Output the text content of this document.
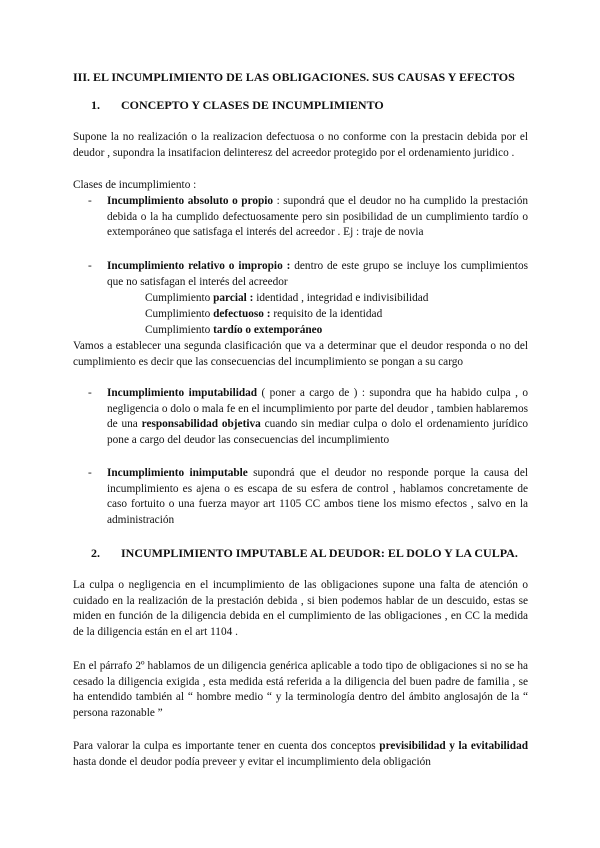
III. EL INCUMPLIMIENTO DE LAS OBLIGACIONES. SUS CAUSAS Y EFECTOS
1. CONCEPTO Y CLASES DE INCUMPLIMIENTO

Supone la no realización o la realizacion defectuosa o no conforme con la prestacin debida por el deudor , supondra la insatifacion delinteresz del acreedor protegido por el ordenamiento juridico .

Clases de incumplimiento :

- Incumplimiento absoluto o propio : supondrá que el deudor no ha cumplido la prestación debida o la ha cumplido defectuosamente pero sin posibilidad de un cumplimiento tardío o extemporáneo que satisfaga el interés del acreedor . Ej : traje de novia

- Incumplimiento relativo o impropio : dentro de este grupo se incluye los cumplimientos que no satisfagan el interés del acreedor

Cumplimiento parcial : identidad , integridad e indivisibilidad

Cumplimiento defectuoso : requisito de la identidad

Cumplimiento tardío o extemporáneo

Vamos a establecer una segunda clasificación que va a determinar que el deudor responda o no del cumplimiento es decir que las consecuencias del incumplimiento se pongan a su cargo

- Incumplimiento imputabilidad ( poner a cargo de ) : supondra que ha habido culpa , o negligencia o dolo o mala fe en el incumplimiento por parte del deudor , tambien hablaremos de una responsabilidad objetiva cuando sin mediar culpa o dolo el ordenamiento jurídico pone a cargo del deudor las consecuencias del incumplimiento

- Incumplimiento inimputable supondrá que el deudor no responde porque la causa del incumplimiento es ajena o es escapa de su esfera de control , hablamos concretamente de caso fortuito o una fuerza mayor art 1105 CC ambos tiene los mismo efectos , salvo en la administración

2. INCUMPLIMIENTO IMPUTABLE AL DEUDOR: EL DOLO Y LA CULPA.

La culpa o negligencia en el incumplimiento de las obligaciones supone una falta de atención o cuidado en la realización de la prestación debida , si bien podemos hablar de un descuido, estas se miden en función de la diligencia debida en el cumplimiento de las obligaciones , en CC la medida de la diligencia están en el art 1104 .

En el párrafo 2º hablamos de un diligencia genérica aplicable a todo tipo de obligaciones si no se ha cesado la diligencia exigida , esta medida está referida a la diligencia del buen padre de familia , se ha entendido también al “ hombre medio “ y la terminología dentro del ámbito anglosajón de la “ persona razonable ”

Para valorar la culpa es importante tener en cuenta dos conceptos previsibilidad y la evitabilidad hasta donde el deudor podía preveer y evitar el incumplimiento dela obligación
